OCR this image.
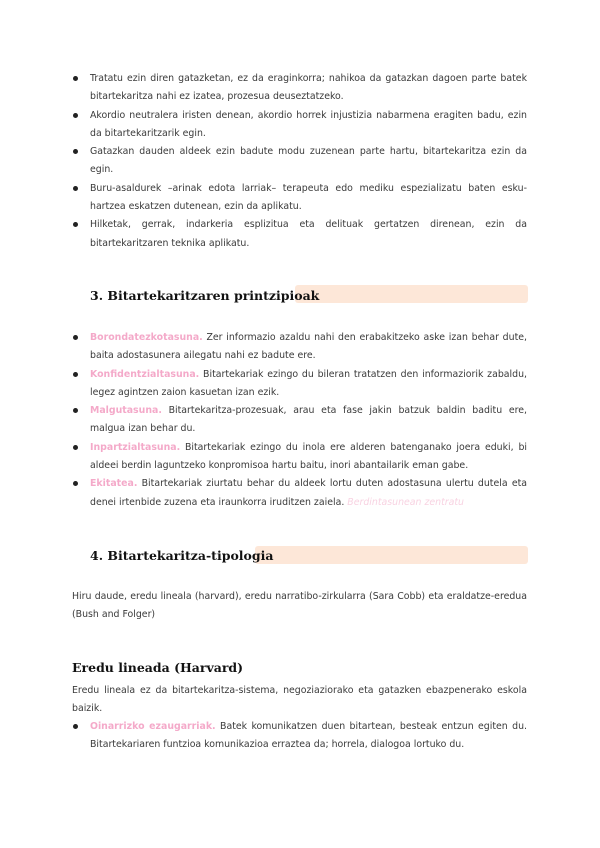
Tratatu ezin diren gatazketan, ez da eraginkorra; nahikoa da gatazkan dagoen parte batek bitartekaritza nahi ez izatea, prozesua deuseztatzeko.
Akordio neutralera iristen denean, akordio horrek injustizia nabarmena eragiten badu, ezin da bitartekaritzarik egin.
Gatazkan dauden aldeek ezin badute modu zuzenean parte hartu, bitartekaritza ezin da egin.
Buru-asaldurek –arinak edota larriak– terapeuta edo mediku espezializatu baten esku-hartzea eskatzen dutenean, ezin da aplikatu.
Hilketak, gerrak, indarkeria esplizitua eta delituak gertatzen direnean, ezin da bitartekaritzaren teknika aplikatu.
3. Bitartekaritzaren printzipioak
Borondatezkotasuna. Zer informazio azaldu nahi den erabakitzeko aske izan behar dute, baita adostasunera ailegatu nahi ez badute ere.
Konfidentzialtasuna. Bitartekariak ezingo du bileran tratatzen den informaziorik zabaldu, legez agintzen zaion kasuetan izan ezik.
Malgutasuna. Bitartekaritza-prozesuak, arau eta fase jakin batzuk baldin baditu ere, malgua izan behar du.
Inpartzialtasuna. Bitartekariak ezingo du inola ere alderen batenganako joera eduki, bi aldeei berdin laguntzeko konpromisoa hartu baitu, inori abantailarik eman gabe.
Ekitatea. Bitartekariak ziurtatu behar du aldeek lortu duten adostasuna ulertu dutela eta denei irtenbide zuzena eta iraunkorra iruditzen zaiela. Berdintasunean zentratu
4. Bitartekaritza-tipologia

Hiru daude, eredu lineala (harvard), eredu narratibo-zirkularra (Sara Cobb) eta eraldatze-eredua (Bush and Folger)

Eredu lineada (Harvard)

Eredu lineala ez da bitartekaritza-sistema, negoziaziorako eta gatazken ebazpenerako eskola baizik.

Oinarrizko ezaugarriak. Batek komunikatzen duen bitartean, besteak entzun egiten du. Bitartekariaren funtzioa komunikazioa erraztea da; horrela, dialogoa lortuko du.
